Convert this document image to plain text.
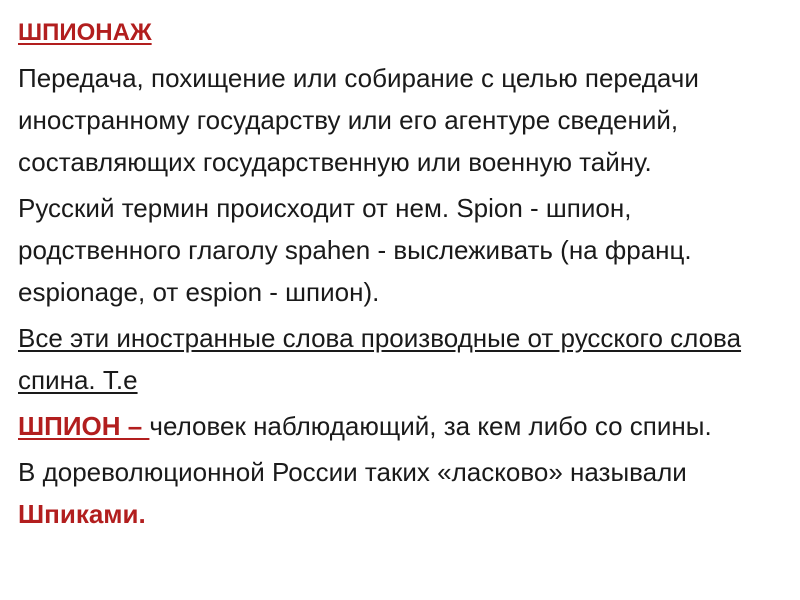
ШПИОНАЖ

Передача, похищение или собирание с целью передачи иностранному государству или его агентуре сведений, составляющих государственную или военную тайну.

Русский термин происходит от нем. Spion - шпион, родственного глаголу spahen - выслеживать (на франц. espionage, от espion - шпион).

Все эти иностранные слова производные от русского слова спина. Т.е

ШПИОН – человек наблюдающий, за кем либо со спины.

В дореволюционной России таких «ласково» называли Шпиками.
